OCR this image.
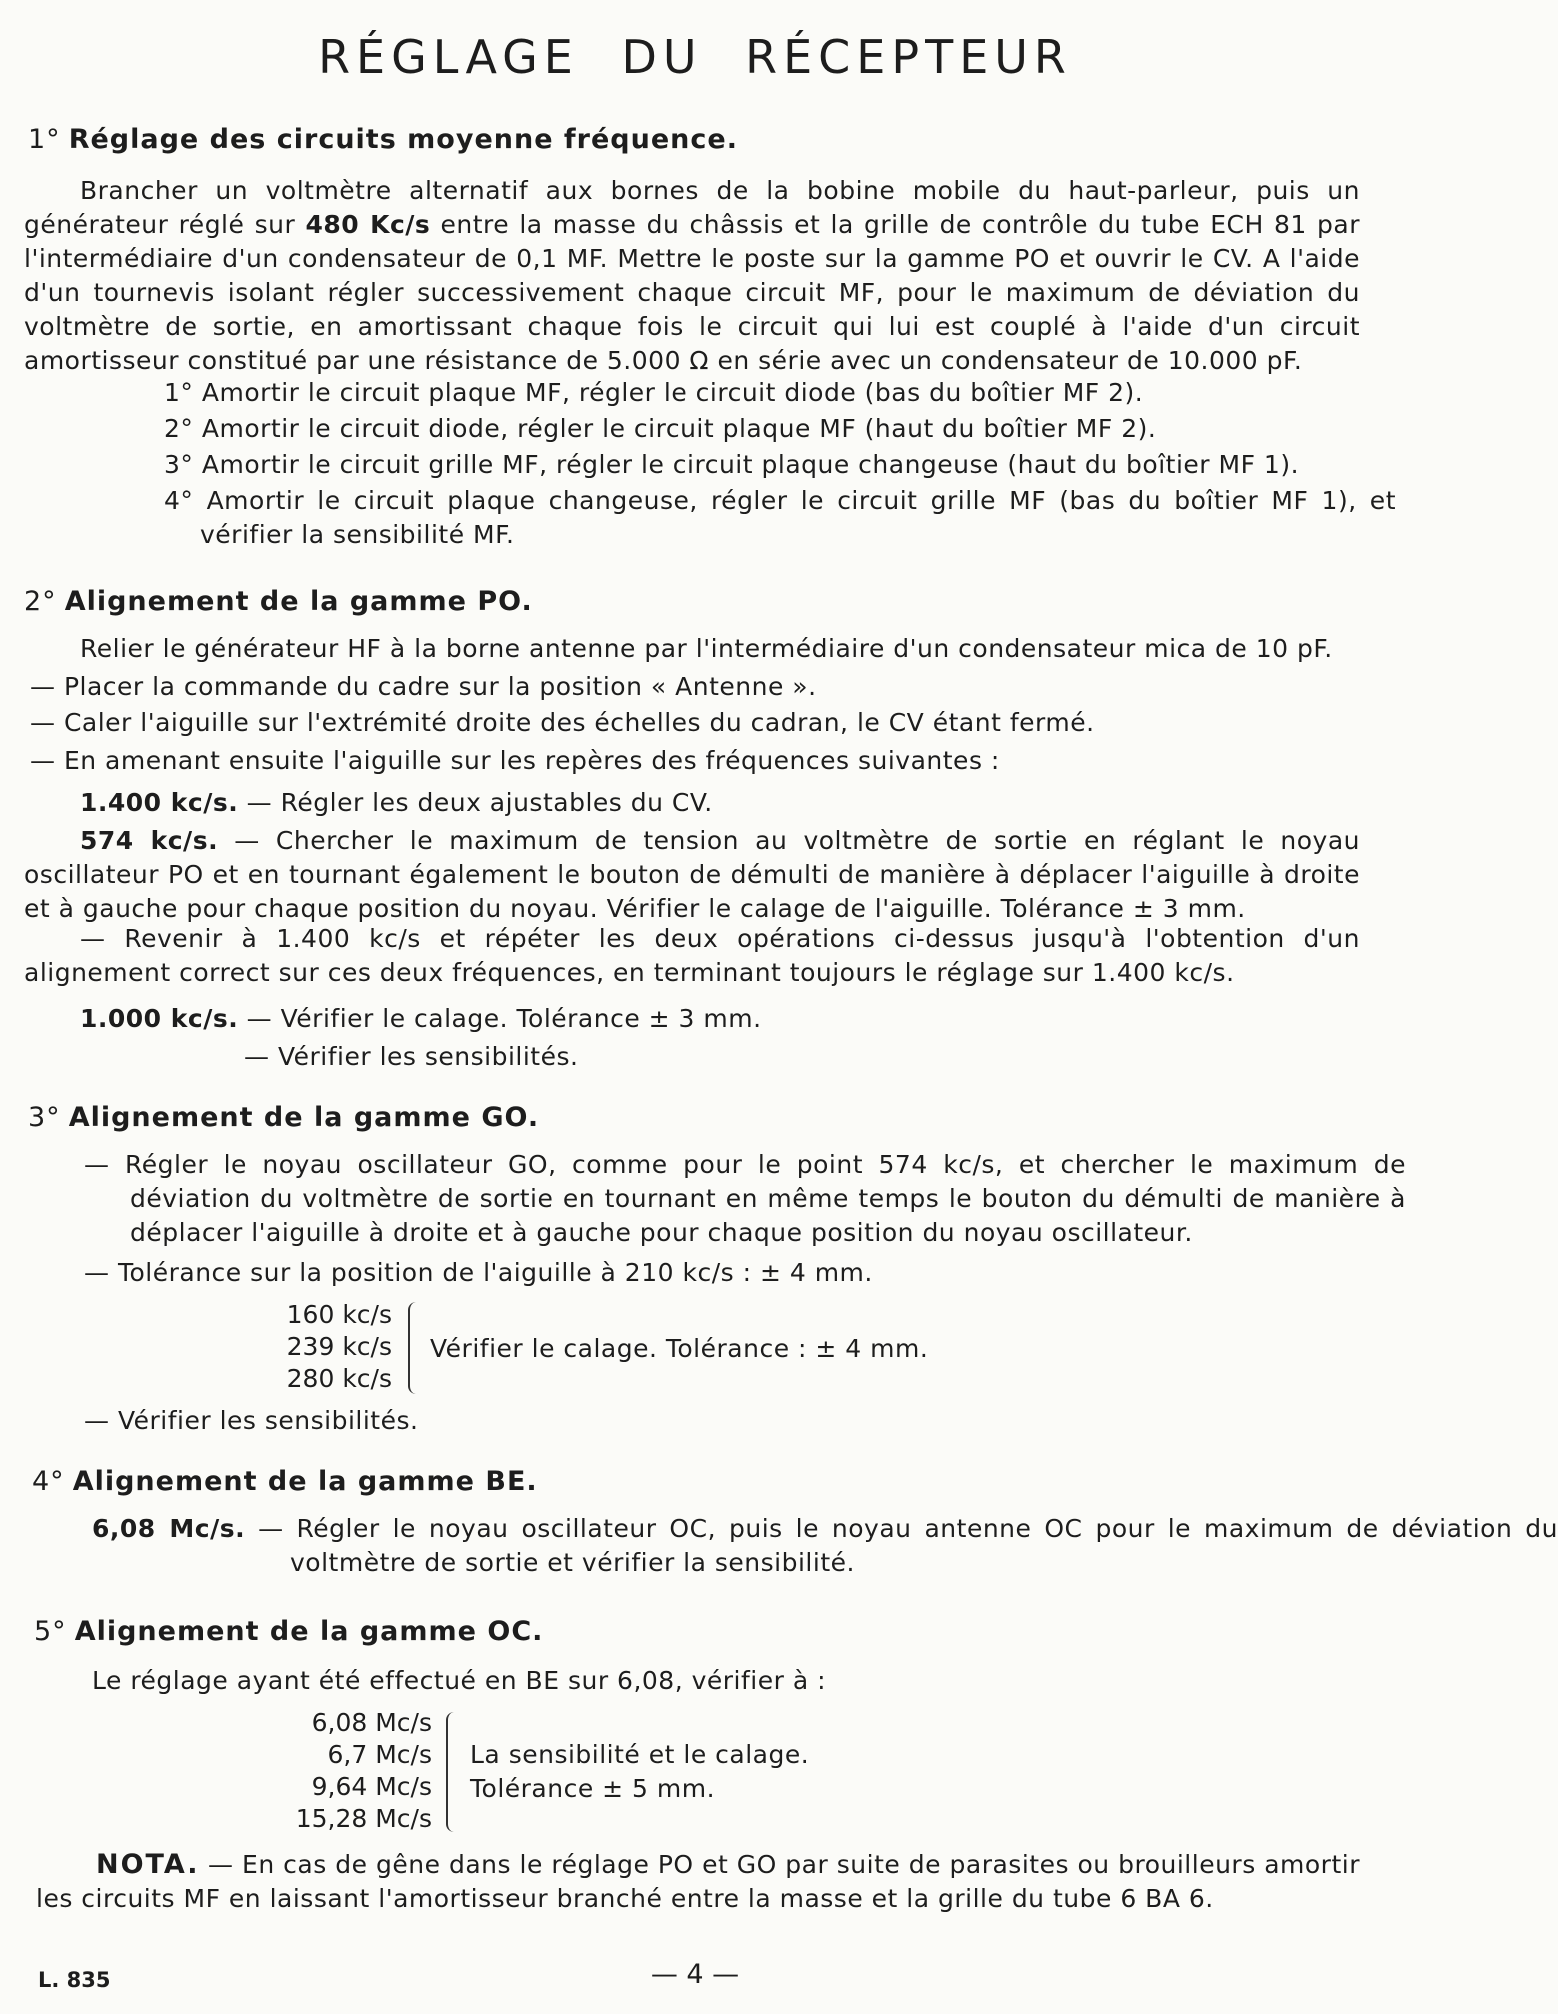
RÉGLAGE DU RÉCEPTEUR
1° Réglage des circuits moyenne fréquence.
Brancher un voltmètre alternatif aux bornes de la bobine mobile du haut-parleur, puis un générateur réglé sur 480 Kc/s entre la masse du châssis et la grille de contrôle du tube ECH 81 par l'intermédiaire d'un condensateur de 0,1 MF. Mettre le poste sur la gamme PO et ouvrir le CV. A l'aide d'un tournevis isolant régler successivement chaque circuit MF, pour le maximum de déviation du voltmètre de sortie, en amortissant chaque fois le circuit qui lui est couplé à l'aide d'un circuit amortisseur constitué par une résistance de 5.000 Ω en série avec un condensateur de 10.000 pF.
1° Amortir le circuit plaque MF, régler le circuit diode (bas du boîtier MF 2).
2° Amortir le circuit diode, régler le circuit plaque MF (haut du boîtier MF 2).
3° Amortir le circuit grille MF, régler le circuit plaque changeuse (haut du boîtier MF 1).
4° Amortir le circuit plaque changeuse, régler le circuit grille MF (bas du boîtier MF 1), et vérifier la sensibilité MF.
2° Alignement de la gamme PO.
Relier le générateur HF à la borne antenne par l'intermédiaire d'un condensateur mica de 10 pF.
— Placer la commande du cadre sur la position « Antenne ».
— Caler l'aiguille sur l'extrémité droite des échelles du cadran, le CV étant fermé.
— En amenant ensuite l'aiguille sur les repères des fréquences suivantes :
1.400 kc/s. — Régler les deux ajustables du CV.
574 kc/s. — Chercher le maximum de tension au voltmètre de sortie en réglant le noyau oscillateur PO et en tournant également le bouton de démulti de manière à déplacer l'aiguille à droite et à gauche pour chaque position du noyau. Vérifier le calage de l'aiguille. Tolérance ± 3 mm.
— Revenir à 1.400 kc/s et répéter les deux opérations ci-dessus jusqu'à l'obtention d'un alignement correct sur ces deux fréquences, en terminant toujours le réglage sur 1.400 kc/s.
1.000 kc/s. — Vérifier le calage. Tolérance ± 3 mm.
— Vérifier les sensibilités.
3° Alignement de la gamme GO.
— Régler le noyau oscillateur GO, comme pour le point 574 kc/s, et chercher le maximum de déviation du voltmètre de sortie en tournant en même temps le bouton du démulti de manière à déplacer l'aiguille à droite et à gauche pour chaque position du noyau oscillateur.
— Tolérance sur la position de l'aiguille à 210 kc/s : ± 4 mm.
160 kc/s
239 kc/s
280 kc/s
Vérifier le calage. Tolérance : ± 4 mm.
— Vérifier les sensibilités.
4° Alignement de la gamme BE.
6,08 Mc/s. — Régler le noyau oscillateur OC, puis le noyau antenne OC pour le maximum de déviation du voltmètre de sortie et vérifier la sensibilité.
5° Alignement de la gamme OC.
Le réglage ayant été effectué en BE sur 6,08, vérifier à :
6,08 Mc/s
6,7 Mc/s
9,64 Mc/s
15,28 Mc/s
La sensibilité et le calage.
Tolérance ± 5 mm.
NOTA. — En cas de gêne dans le réglage PO et GO par suite de parasites ou brouilleurs amortir les circuits MF en laissant l'amortisseur branché entre la masse et la grille du tube 6 BA 6.
L. 835	— 4 —
